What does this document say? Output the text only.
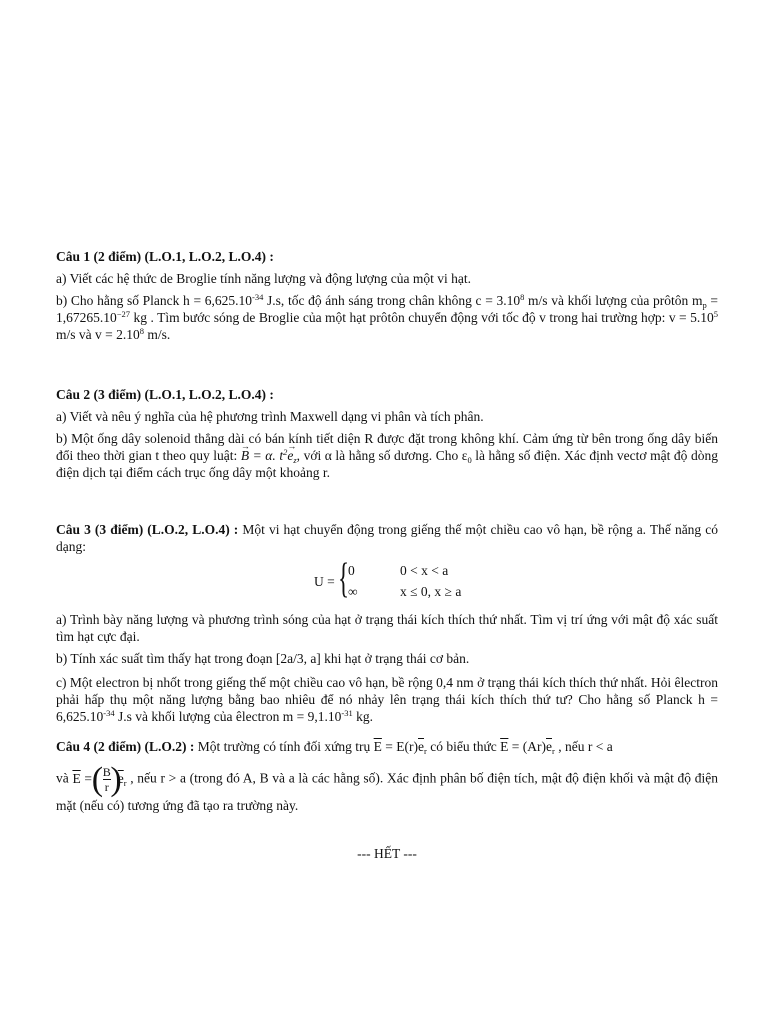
Câu 1 (2 điểm) (L.O.1, L.O.2, L.O.4) :

a) Viết các hệ thức de Broglie tính năng lượng và động lượng của một vi hạt.

b) Cho hằng số Planck $h = 6,625.10^{-34}$ J.s, tốc độ ánh sáng trong chân không $c = 3.10^8$ m/s và khối lượng của prôtôn $m_p = 1,67265.10^{-27}$ kg . Tìm bước sóng de Broglie của một hạt prôtôn chuyển động với tốc độ v trong hai trường hợp: $v = 5.10^5$ m/s và $v = 2.10^8$ m/s.

Câu 2 (3 điểm) (L.O.1, L.O.2, L.O.4) :

a) Viết và nêu ý nghĩa của hệ phương trình Maxwell dạng vi phân và tích phân.

b) Một ống dây solenoid thẳng dài có bán kính tiết diện R được đặt trong không khí. Cảm ứng từ bên trong ống dây biến đổi theo thời gian t theo quy luật: → B = α. $t^2\to e_z$, với α là hằng số dương. Cho $\varepsilon_0$ là hằng số điện. Xác định vectơ mật độ dòng điện dịch tại điểm cách trục ống dây một khoảng r.

Câu 3 (3 điểm) (L.O.2, L.O.4) : Một vi hạt chuyển động trong giếng thế một chiều cao vô hạn, bề rộng a. Thế năng có dạng:

U = {
0	0 < x < a
∞	x ≤ 0, x ≥ a

a) Trình bày năng lượng và phương trình sóng của hạt ở trạng thái kích thích thứ nhất. Tìm vị trí ứng với mật độ xác suất tìm hạt cực đại.

b) Tính xác suất tìm thấy hạt trong đoạn [2a/3, a] khi hạt ở trạng thái cơ bản.

c) Một electron bị nhốt trong giếng thế một chiều cao vô hạn, bề rộng 0,4 nm ở trạng thái kích thích thứ nhất. Hỏi êlectron phải hấp thụ một năng lượng bằng bao nhiêu để nó nhảy lên trạng thái kích thích thứ tư? Cho hằng số Planck $h = 6,625.10^{-34}$ J.s và khối lượng của êlectron $m = 9,1.10^{-31}$ kg.

Câu 4 (2 điểm) (L.O.2) : Một trường có tính đối xứng trụ $\overline{E} = E(r)\overline{e}_r$ có biểu thức $\overline{E} = (Ar)\overline{e}_r$ , nếu r < a

và $\overline{E}$ = ( $\frac{B}{r}$
) $\overline{e}_r$ , nếu r > a (trong đó A, B và a là các hằng số). Xác định phân bố điện tích, mật độ điện khối và mật độ điện mặt (nếu có) tương ứng đã tạo ra trường này.

--- HẾT ---
